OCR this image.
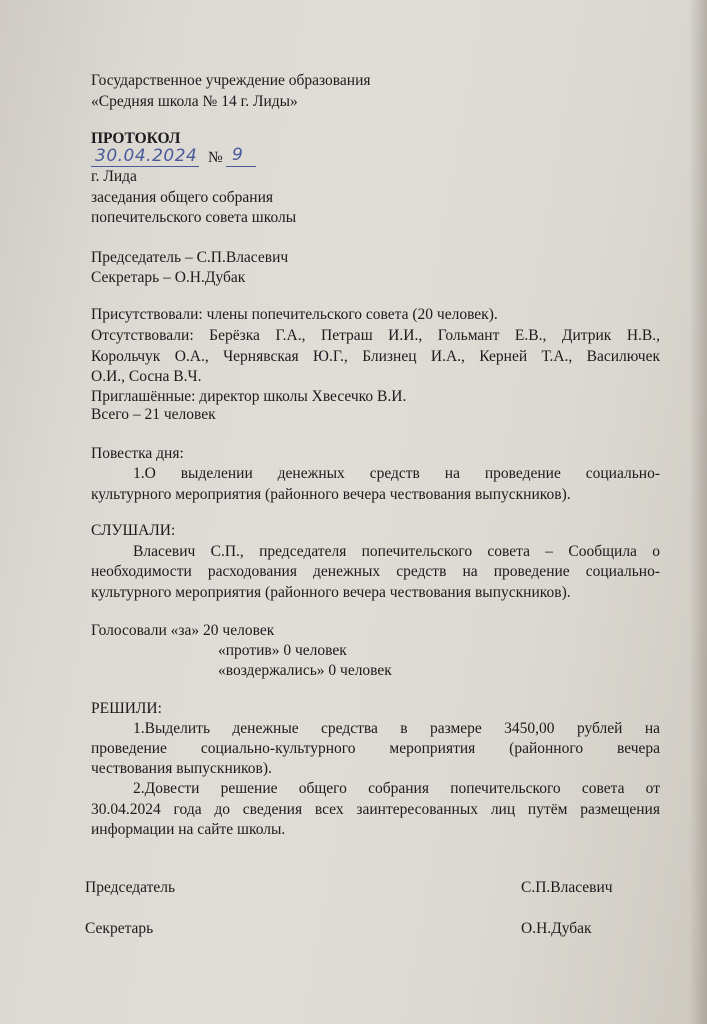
Государственное учреждение образования
«Средняя школа № 14 г. Лиды»
ПРОТОКОЛ
30.04.2024 № 9
г. Лида
заседания общего собрания
попечительского совета школы
Председатель – С.П.Власевич
Секретарь – О.Н.Дубак
Присутствовали: члены попечительского совета (20 человек).
Отсутствовали: Берёзка Г.А., Петраш И.И., Гольмант Е.В., Дитрик Н.В.,
Корольчук О.А., Чернявская Ю.Г., Близнец И.А., Керней Т.А., Василючек
О.И., Сосна В.Ч.
Приглашённые: директор школы Хвесечко В.И.
Всего – 21 человек
Повестка дня:
1.О выделении денежных средств на проведение социально-
культурного мероприятия (районного вечера чествования выпускников).
СЛУШАЛИ:
Власевич С.П., председателя попечительского совета – Сообщила о
необходимости расходования денежных средств на проведение социально-
культурного мероприятия (районного вечера чествования выпускников).
Голосовали «за» 20 человек
«против» 0 человек
«воздержались» 0 человек
РЕШИЛИ:
1.Выделить денежные средства в размере 3450,00 рублей на
проведение социально-культурного мероприятия (районного вечера
чествования выпускников).
2.Довести решение общего собрания попечительского совета от
30.04.2024 года до сведения всех заинтересованных лиц путём размещения
информации на сайте школы.
Председатель	С.П.Власевич
Секретарь	О.Н.Дубак
